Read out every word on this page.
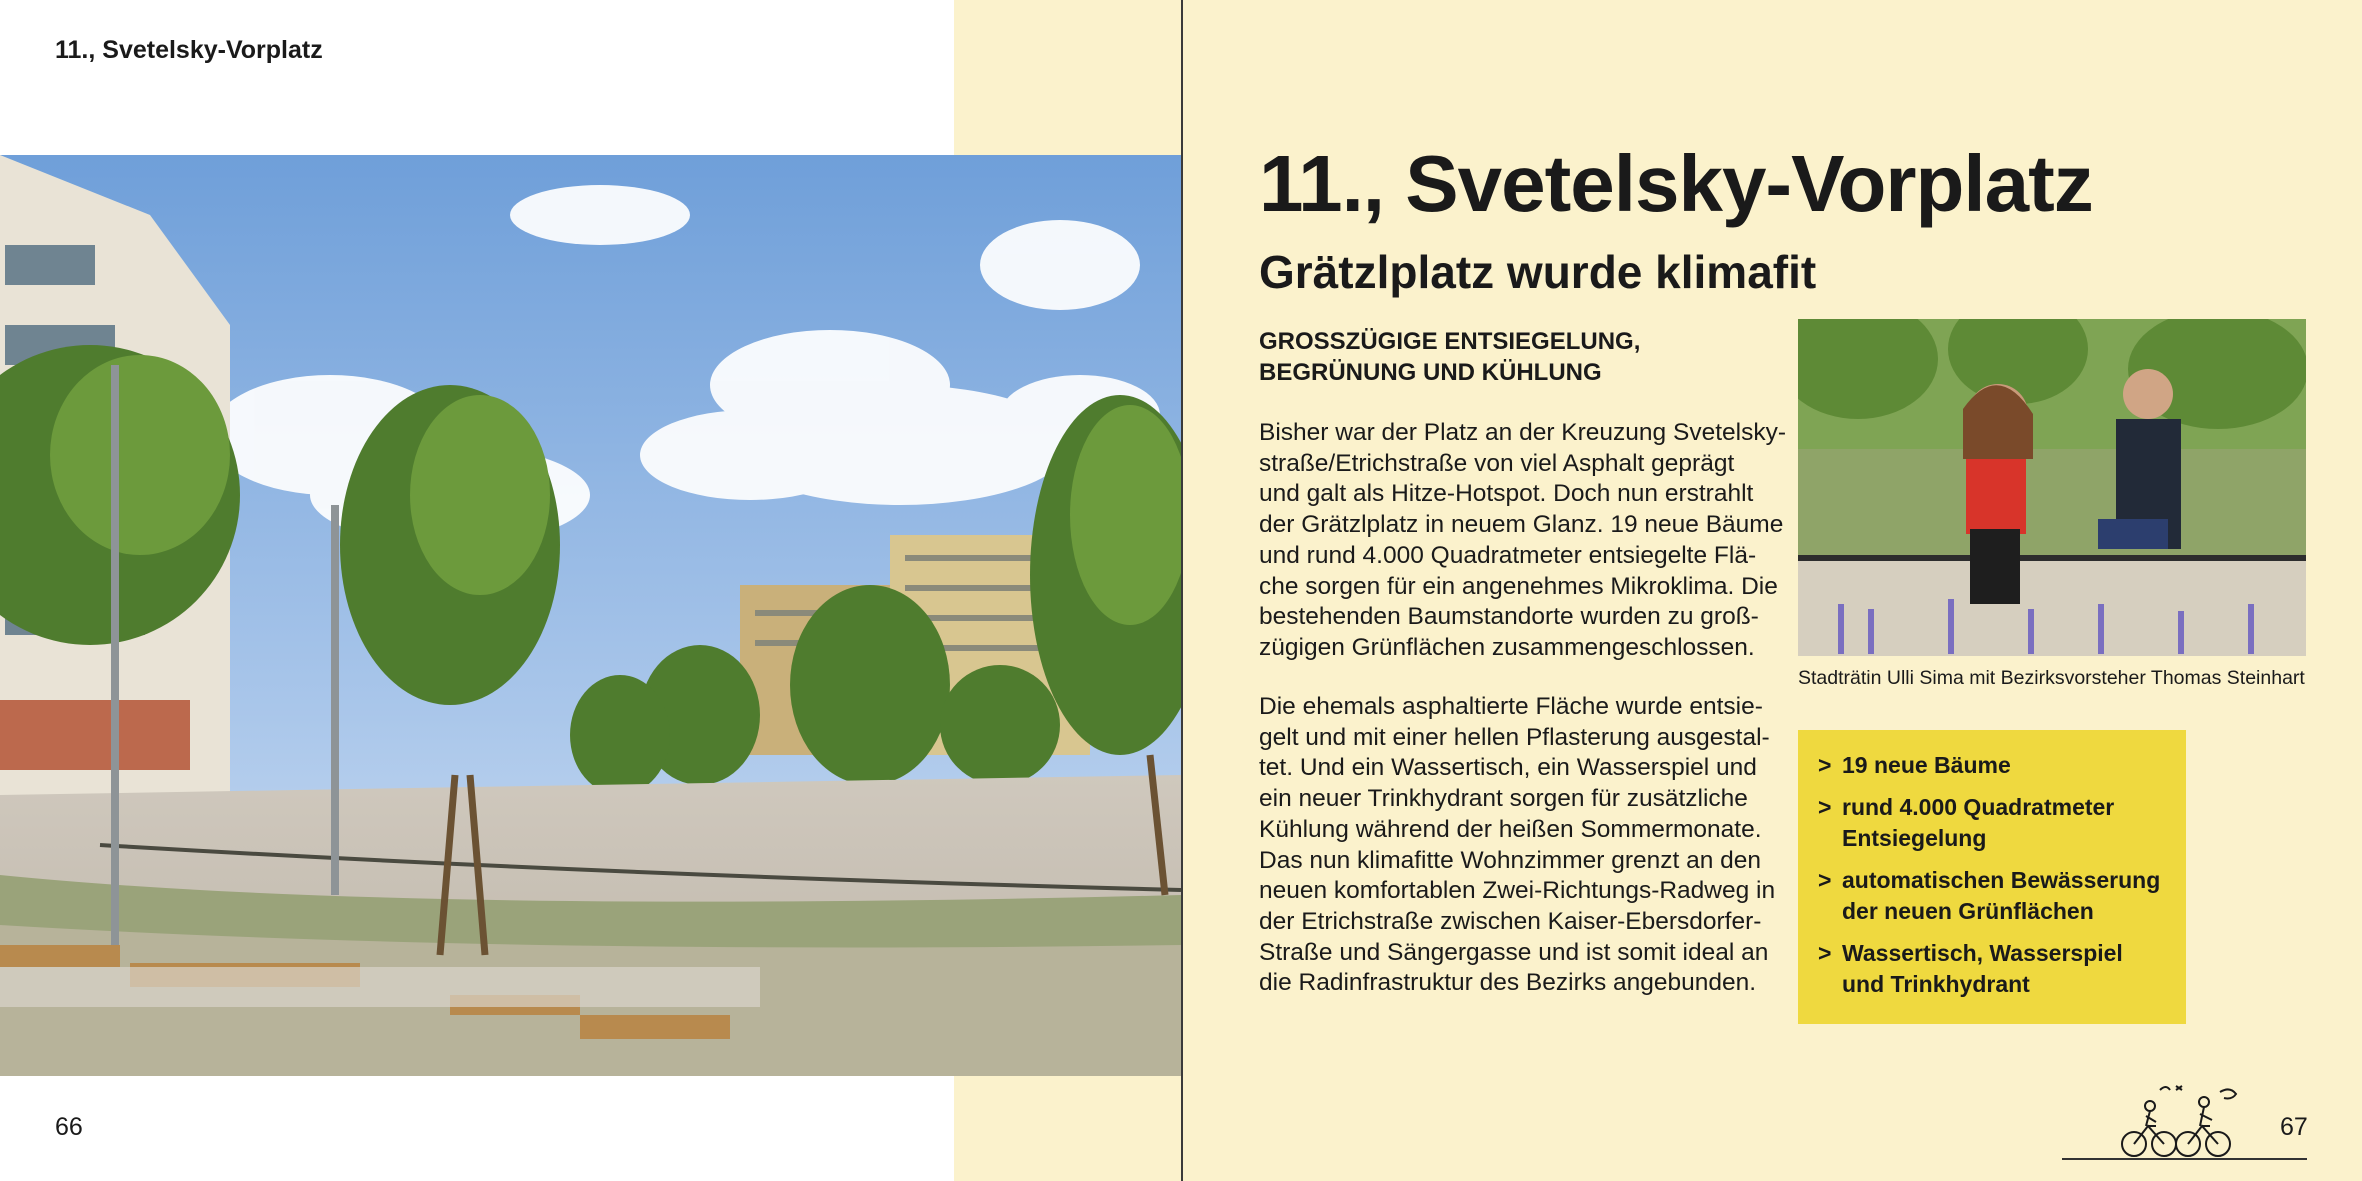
11., Svetelsky-Vorplatz
11., Svetelsky-Vorplatz
Grätzlplatz wurde klimafit
GROSSZÜGIGE ENTSIEGELUNG,
BEGRÜNUNG UND KÜHLUNG
Bisher war der Platz an der Kreuzung Svetelsky-
straße/Etrichstraße von viel Asphalt geprägt
und galt als Hitze-Hotspot. Doch nun erstrahlt
der Grätzlplatz in neuem Glanz. 19 neue Bäume
und rund 4.000 Quadratmeter entsiegelte Flä-
che sorgen für ein angenehmes Mikroklima. Die
bestehenden Baumstandorte wurden zu groß-
zügigen Grünflächen zusammengeschlossen.
Die ehemals asphaltierte Fläche wurde entsie-
gelt und mit einer hellen Pflasterung ausgestal-
tet. Und ein Wassertisch, ein Wasserspiel und
ein neuer Trinkhydrant sorgen für zusätzliche
Kühlung während der heißen Sommermonate.
Das nun klimafitte Wohnzimmer grenzt an den
neuen komfortablen Zwei-Richtungs-Radweg in
der Etrichstraße zwischen Kaiser-Ebersdorfer-
Straße und Sängergasse und ist somit ideal an
die Radinfrastruktur des Bezirks angebunden.
Stadträtin Ulli Sima mit Bezirksvorsteher Thomas Steinhart
> 19 neue Bäume
> rund 4.000 Quadratmeter
Entsiegelung
> automatischen Bewässerung
der neuen Grünflächen
> Wassertisch, Wasserspiel
und Trinkhydrant
66	67
